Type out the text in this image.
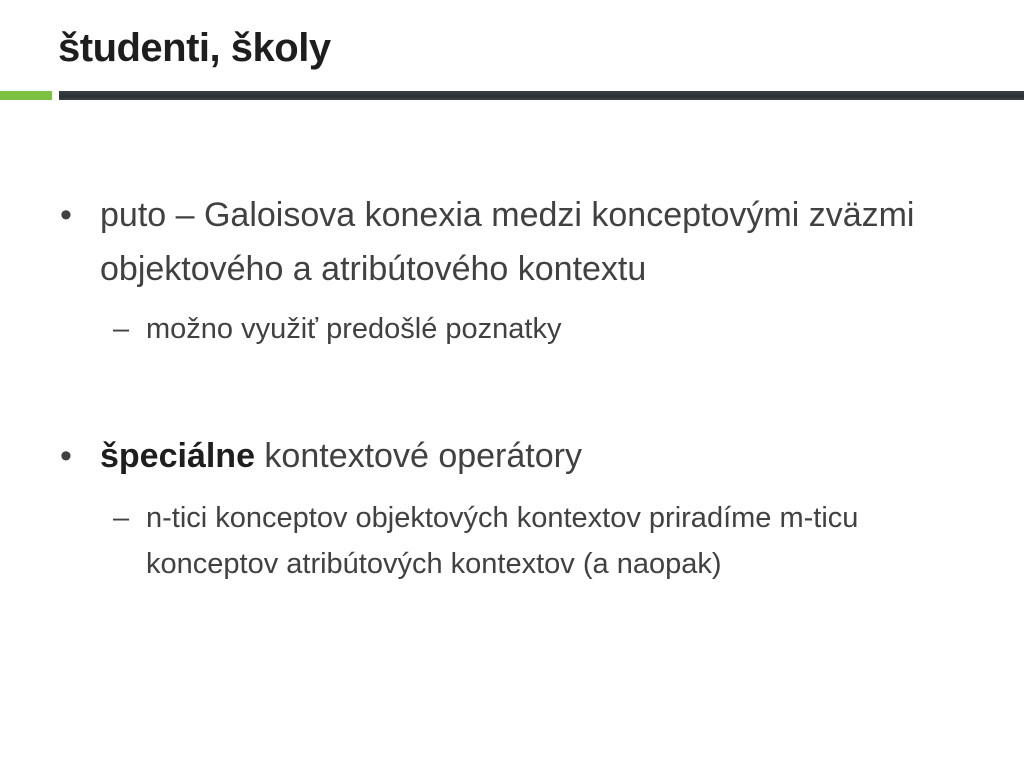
študenti, školy
• puto – Galoisova konexia medzi konceptovými zväzmi objektového a atribútového kontextu
– možno využiť predošlé poznatky
• špeciálne kontextové operátory
– n-tici konceptov objektových kontextov priradíme m-ticu konceptov atribútových kontextov (a naopak)
